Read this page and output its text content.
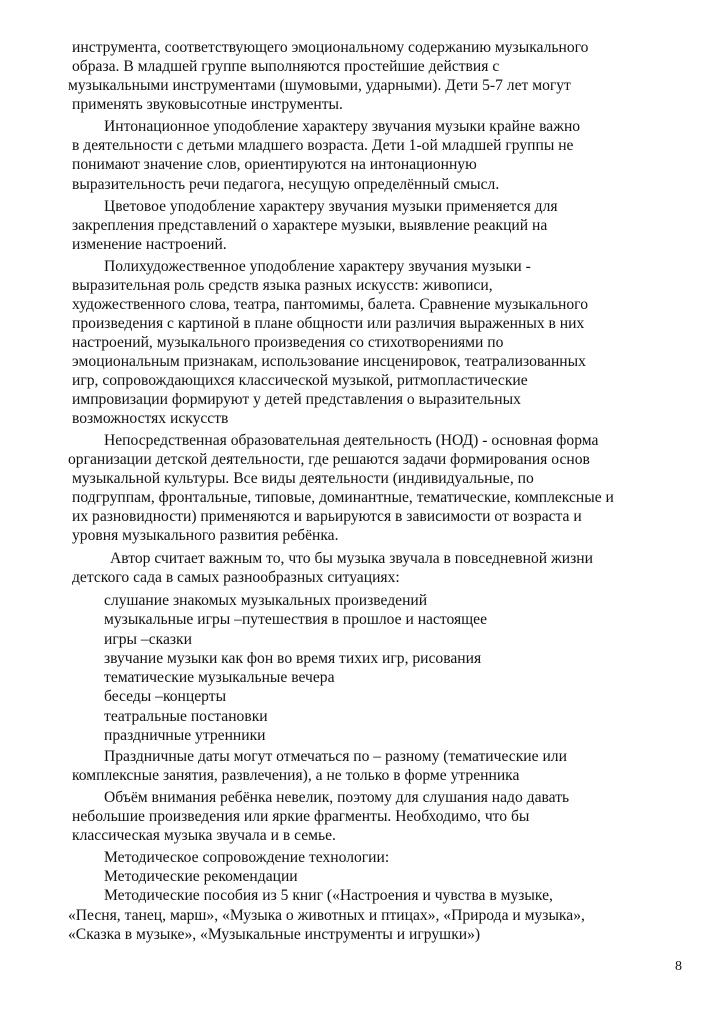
инструмента, соответствующего эмоциональному содержанию музыкального
образа. В младшей группе выполняются простейшие действия с
музыкальными инструментами (шумовыми, ударными). Дети 5-7 лет могут
применять звуковысотные инструменты.
Интонационное уподобление характеру звучания музыки крайне важно
в деятельности с детьми младшего возраста. Дети 1-ой младшей группы не
понимают значение слов, ориентируются на интонационную
выразительность речи педагога, несущую определённый смысл.
Цветовое уподобление характеру звучания музыки применяется для
закрепления представлений о характере музыки, выявление реакций на
изменение настроений.
Полихудожественное уподобление характеру звучания музыки -
выразительная роль средств языка разных искусств: живописи,
художественного слова, театра, пантомимы, балета. Сравнение музыкального
произведения с картиной в плане общности или различия выраженных в них
настроений, музыкального произведения со стихотворениями по
эмоциональным признакам, использование инсценировок, театрализованных
игр, сопровождающихся классической музыкой, ритмопластические
импровизации формируют у детей представления о выразительных
возможностях искусств
Непосредственная образовательная деятельность (НОД) - основная форма
организации детской деятельности, где решаются задачи формирования основ
музыкальной культуры. Все виды деятельности (индивидуальные, по
подгруппам, фронтальные, типовые, доминантные, тематические, комплексные и
их разновидности) применяются и варьируются в зависимости от возраста и
уровня музыкального развития ребёнка.
Автор считает важным то, что бы музыка звучала в повседневной жизни
детского сада в самых разнообразных ситуациях:
слушание знакомых музыкальных произведений
музыкальные игры –путешествия в прошлое и настоящее
игры –сказки
звучание музыки как фон во время тихих игр, рисования
тематические музыкальные вечера
беседы –концерты
театральные постановки
праздничные утренники
Праздничные даты могут отмечаться по – разному (тематические или
комплексные занятия, развлечения), а не только в форме утренника
Объём внимания ребёнка невелик, поэтому для слушания надо давать
небольшие произведения или яркие фрагменты. Необходимо, что бы
классическая музыка звучала и в семье.
Методическое сопровождение технологии:
Методические рекомендации
Методические пособия из 5 книг («Настроения и чувства в музыке,
«Песня, танец, марш», «Музыка о животных и птицах», «Природа и музыка»,
«Сказка в музыке», «Музыкальные инструменты и игрушки»)
8
